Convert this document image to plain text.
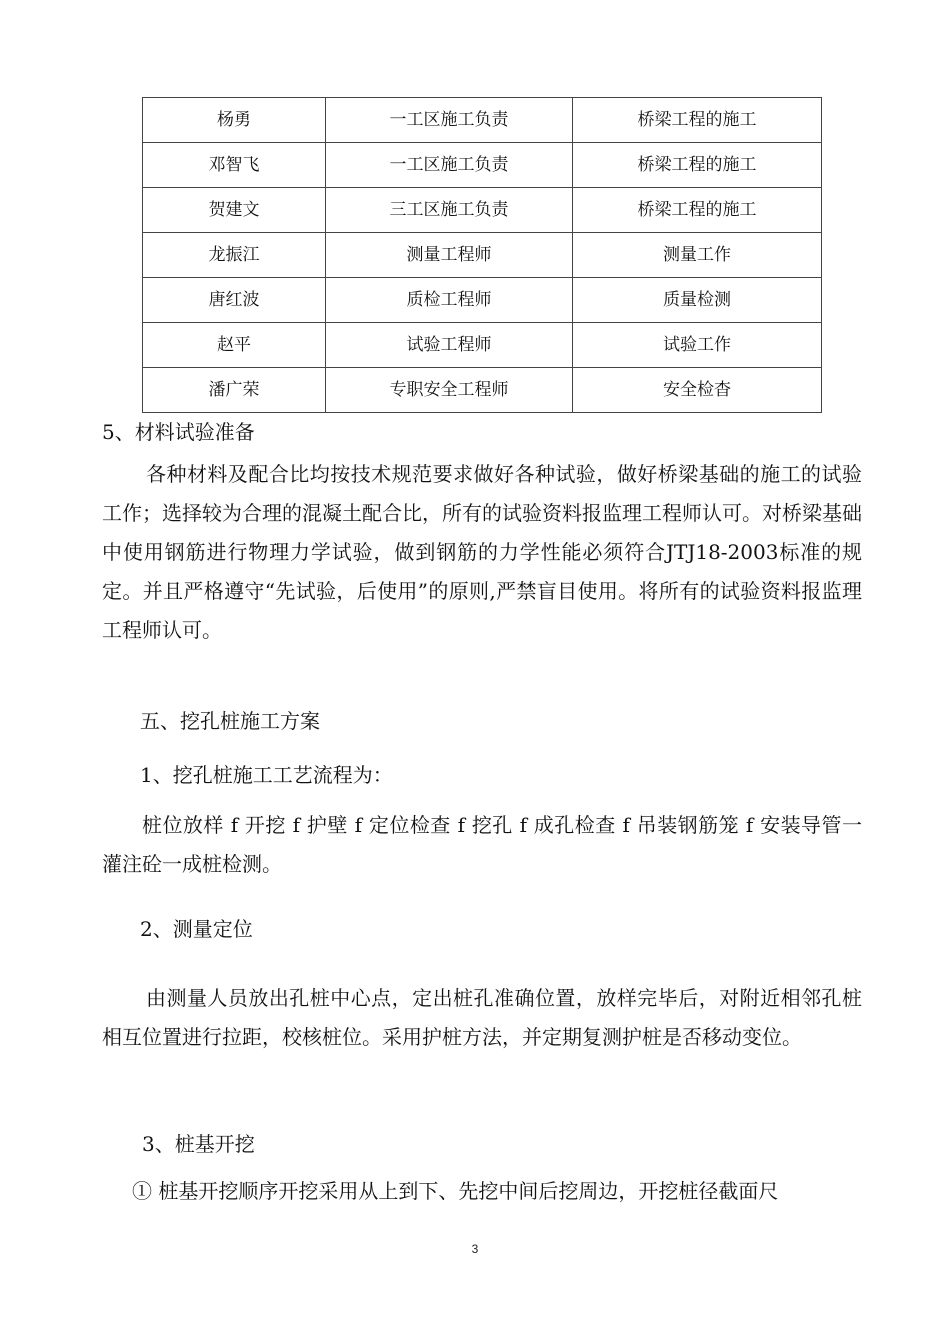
杨勇	一工区施工负责	桥梁工程的施工
邓智飞	一工区施工负责	桥梁工程的施工
贺建文	三工区施工负责	桥梁工程的施工
龙振江	测量工程师	测量工作
唐红波	质检工程师	质量检测
赵平	试验工程师	试验工作
潘广荣	专职安全工程师	安全检杳

5、材料试验准备

各种材料及配合比均按技术规范要求做好各种试验，做好桥梁基础的施工的试验工作；选择较为合理的混凝土配合比，所有的试验资料报监理工程师认可。对桥梁基础中使用钢筋进行物理力学试验，做到钢筋的力学性能必须符合JTJ18-2003标准的规定。并且严格遵守“先试验，后使用”的原则,严禁盲目使用。将所有的试验资料报监理工程师认可。

五、挖孔桩施工方案

1、挖孔桩施工工艺流程为：

桩位放样 f 开挖 f 护壁 f 定位检查 f 挖孔 f 成孔检查 f 吊装钢筋笼 f 安装导管一灌注砼一成桩检测。

2、测量定位

由测量人员放出孔桩中心点，定出桩孔准确位置，放样完毕后，对附近相邻孔桩相互位置进行拉距，校核桩位。采用护桩方法，并定期复测护桩是否移动变位。

3、桩基开挖

① 桩基开挖顺序开挖采用从上到下、先挖中间后挖周边，开挖桩径截面尺

3
